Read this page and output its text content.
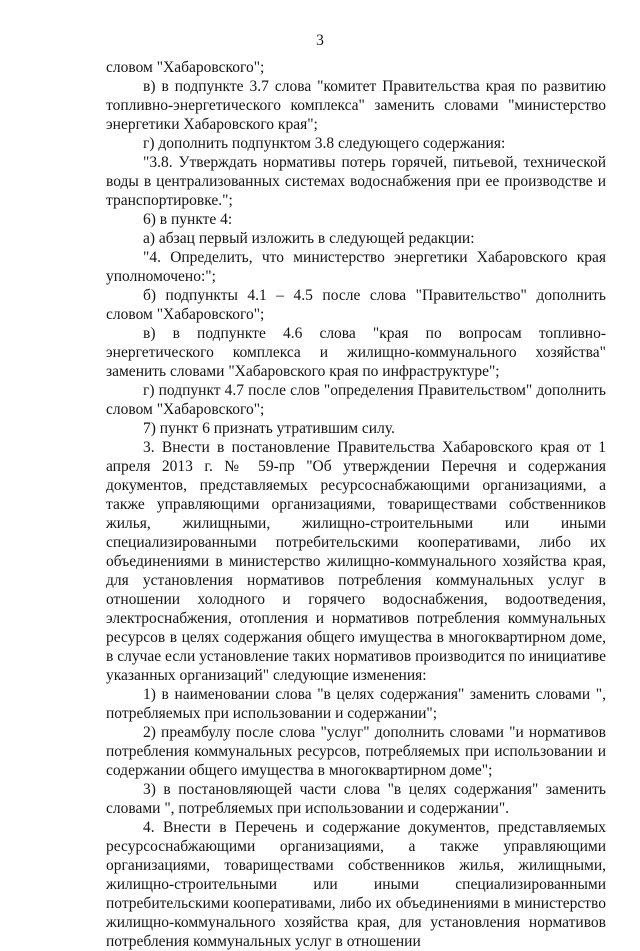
3

словом "Хабаровского";

в) в подпункте 3.7 слова "комитет Правительства края по развитию топливно-энергетического комплекса" заменить словами "министерство энергетики Хабаровского края";

г) дополнить подпунктом 3.8 следующего содержания:

"3.8. Утверждать нормативы потерь горячей, питьевой, технической воды в централизованных системах водоснабжения при ее производстве и транспортировке.";

6) в пункте 4:

а) абзац первый изложить в следующей редакции:

"4. Определить, что министерство энергетики Хабаровского края уполномочено:";

б) подпункты 4.1 – 4.5 после слова "Правительство" дополнить словом "Хабаровского";

в) в подпункте 4.6 слова "края по вопросам топливно-энергетического комплекса и жилищно-коммунального хозяйства" заменить словами "Хабаровского края по инфраструктуре";

г) подпункт 4.7 после слов "определения Правительством" дополнить словом "Хабаровского";

7) пункт 6 признать утратившим силу.

3. Внести в постановление Правительства Хабаровского края от 1 апреля 2013 г. № 59-пр "Об утверждении Перечня и содержания документов, представляемых ресурсоснабжающими организациями, а также управляющими организациями, товариществами собственников жилья, жилищными, жилищно-строительными или иными специализированными потребительскими кооперативами, либо их объединениями в министерство жилищно-коммунального хозяйства края, для установления нормативов потребления коммунальных услуг в отношении холодного и горячего водоснабжения, водоотведения, электроснабжения, отопления и нормативов потребления коммунальных ресурсов в целях содержания общего имущества в многоквартирном доме, в случае если установление таких нормативов производится по инициативе указанных организаций" следующие изменения:

1) в наименовании слова "в целях содержания" заменить словами ", потребляемых при использовании и содержании";

2) преамбулу после слова "услуг" дополнить словами "и нормативов потребления коммунальных ресурсов, потребляемых при использовании и содержании общего имущества в многоквартирном доме";

3) в постановляющей части слова "в целях содержания" заменить словами ", потребляемых при использовании и содержании".

4. Внести в Перечень и содержание документов, представляемых ресурсоснабжающими организациями, а также управляющими организациями, товариществами собственников жилья, жилищными, жилищно-строительными или иными специализированными потребительскими кооперативами, либо их объединениями в министерство жилищно-коммунального хозяйства края, для установления нормативов потребления коммунальных услуг в отношении
